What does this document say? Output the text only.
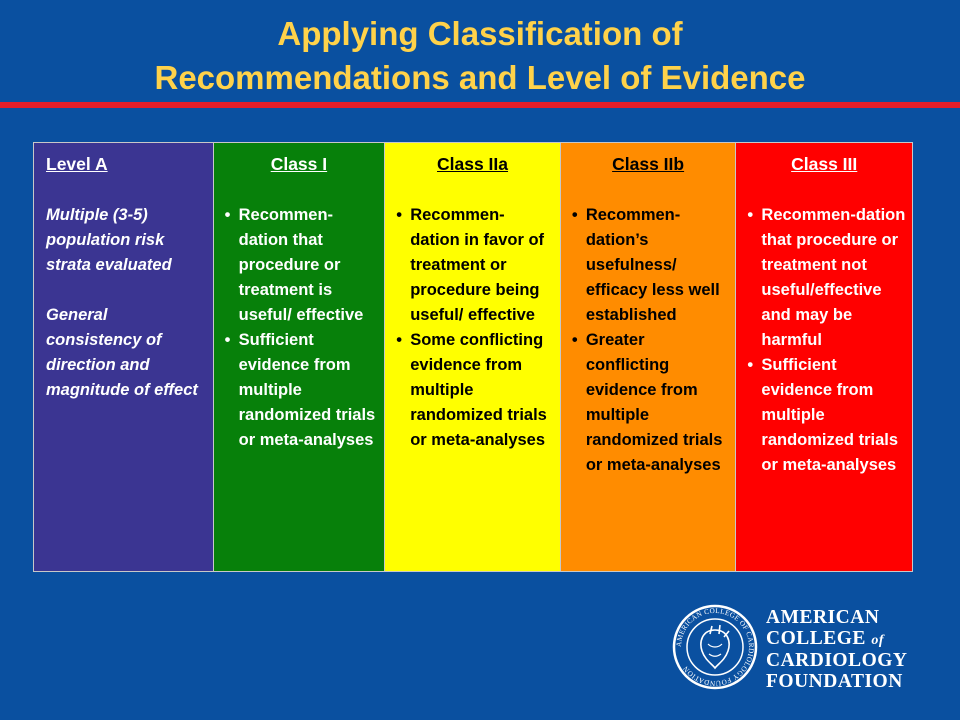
Applying Classification of
Recommendations and Level of Evidence
Level A
Multiple (3-5) population risk strata evaluated
General consistency of direction and magnitude of effect
Class I
• Recommen-dation that procedure or treatment is useful/ effective
• Sufficient evidence from multiple randomized trials or meta-analyses
Class IIa
• Recommen-dation in favor of treatment or procedure being useful/ effective
• Some conflicting evidence from multiple randomized trials or meta-analyses
Class IIb
• Recommen-dation’s usefulness/ efficacy less well established
• Greater conflicting evidence from multiple randomized trials or meta-analyses
Class III
• Recommen-dation that procedure or treatment not useful/effective and may be harmful
• Sufficient evidence from multiple randomized trials or meta-analyses
AMERICAN COLLEGE OF CARDIOLOGY FOUNDATION
AMERICAN
COLLEGE of
CARDIOLOGY
FOUNDATION
